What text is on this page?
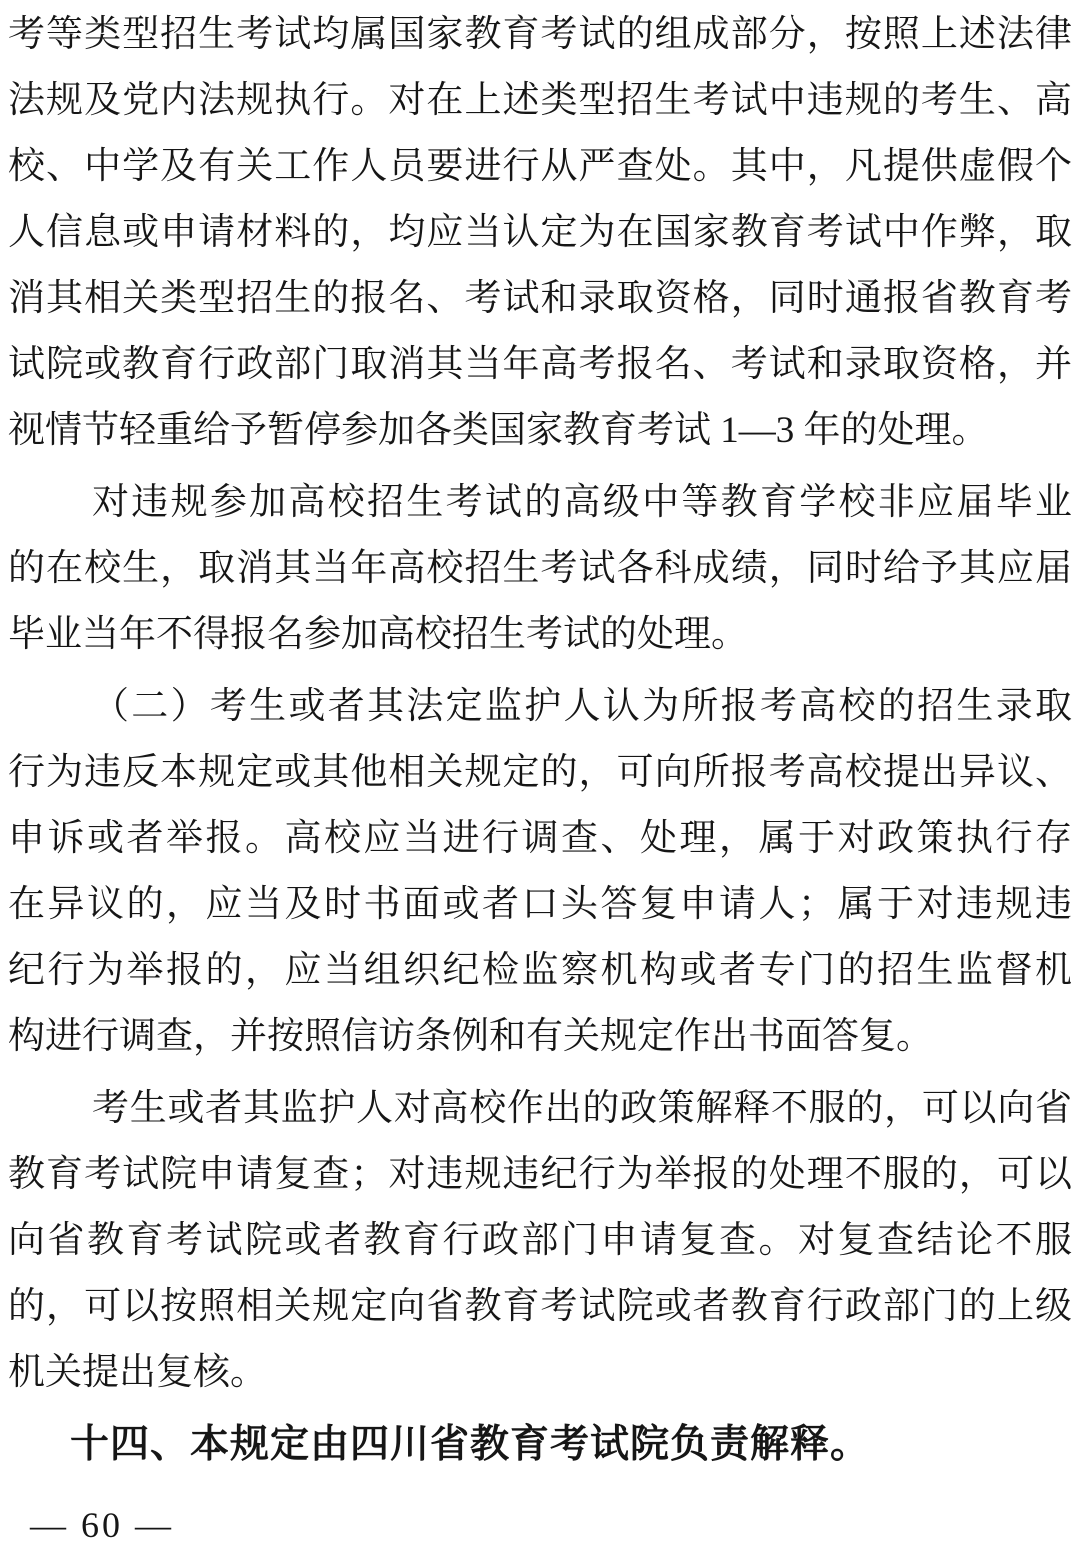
考等类型招生考试均属国家教育考试的组成部分，按照上述法律
法规及党内法规执行。对在上述类型招生考试中违规的考生、高
校、中学及有关工作人员要进行从严查处。其中，凡提供虚假个
人信息或申请材料的，均应当认定为在国家教育考试中作弊，取
消其相关类型招生的报名、考试和录取资格，同时通报省教育考
试院或教育行政部门取消其当年高考报名、考试和录取资格，并
视情节轻重给予暂停参加各类国家教育考试 1—3 年的处理。
对违规参加高校招生考试的高级中等教育学校非应届毕业
的在校生，取消其当年高校招生考试各科成绩，同时给予其应届
毕业当年不得报名参加高校招生考试的处理。
（二）考生或者其法定监护人认为所报考高校的招生录取
行为违反本规定或其他相关规定的，可向所报考高校提出异议、
申诉或者举报。高校应当进行调查、处理，属于对政策执行存
在异议的，应当及时书面或者口头答复申请人；属于对违规违
纪行为举报的，应当组织纪检监察机构或者专门的招生监督机
构进行调查，并按照信访条例和有关规定作出书面答复。
考生或者其监护人对高校作出的政策解释不服的，可以向省
教育考试院申请复查；对违规违纪行为举报的处理不服的，可以
向省教育考试院或者教育行政部门申请复查。对复查结论不服
的，可以按照相关规定向省教育考试院或者教育行政部门的上级
机关提出复核。
十四、本规定由四川省教育考试院负责解释。
— 60 —
